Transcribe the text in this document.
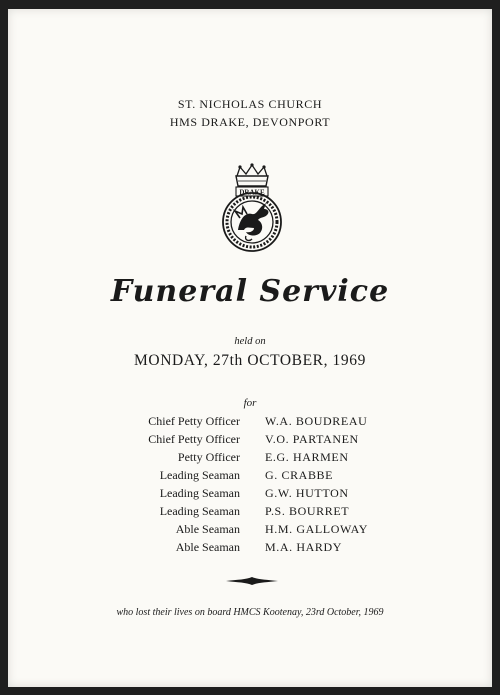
ST. NICHOLAS CHURCH
HMS DRAKE, DEVONPORT
DRAKE
Funeral Service
held on
MONDAY, 27th OCTOBER, 1969
for
Chief Petty Officer W.A. BOUDREAU
Chief Petty Officer V.O. PARTANEN
Petty Officer E.G. HARMEN
Leading Seaman G. CRABBE
Leading Seaman G.W. HUTTON
Leading Seaman P.S. BOURRET
Able Seaman H.M. GALLOWAY
Able Seaman M.A. HARDY
who lost their lives on board HMCS Kootenay, 23rd October, 1969
